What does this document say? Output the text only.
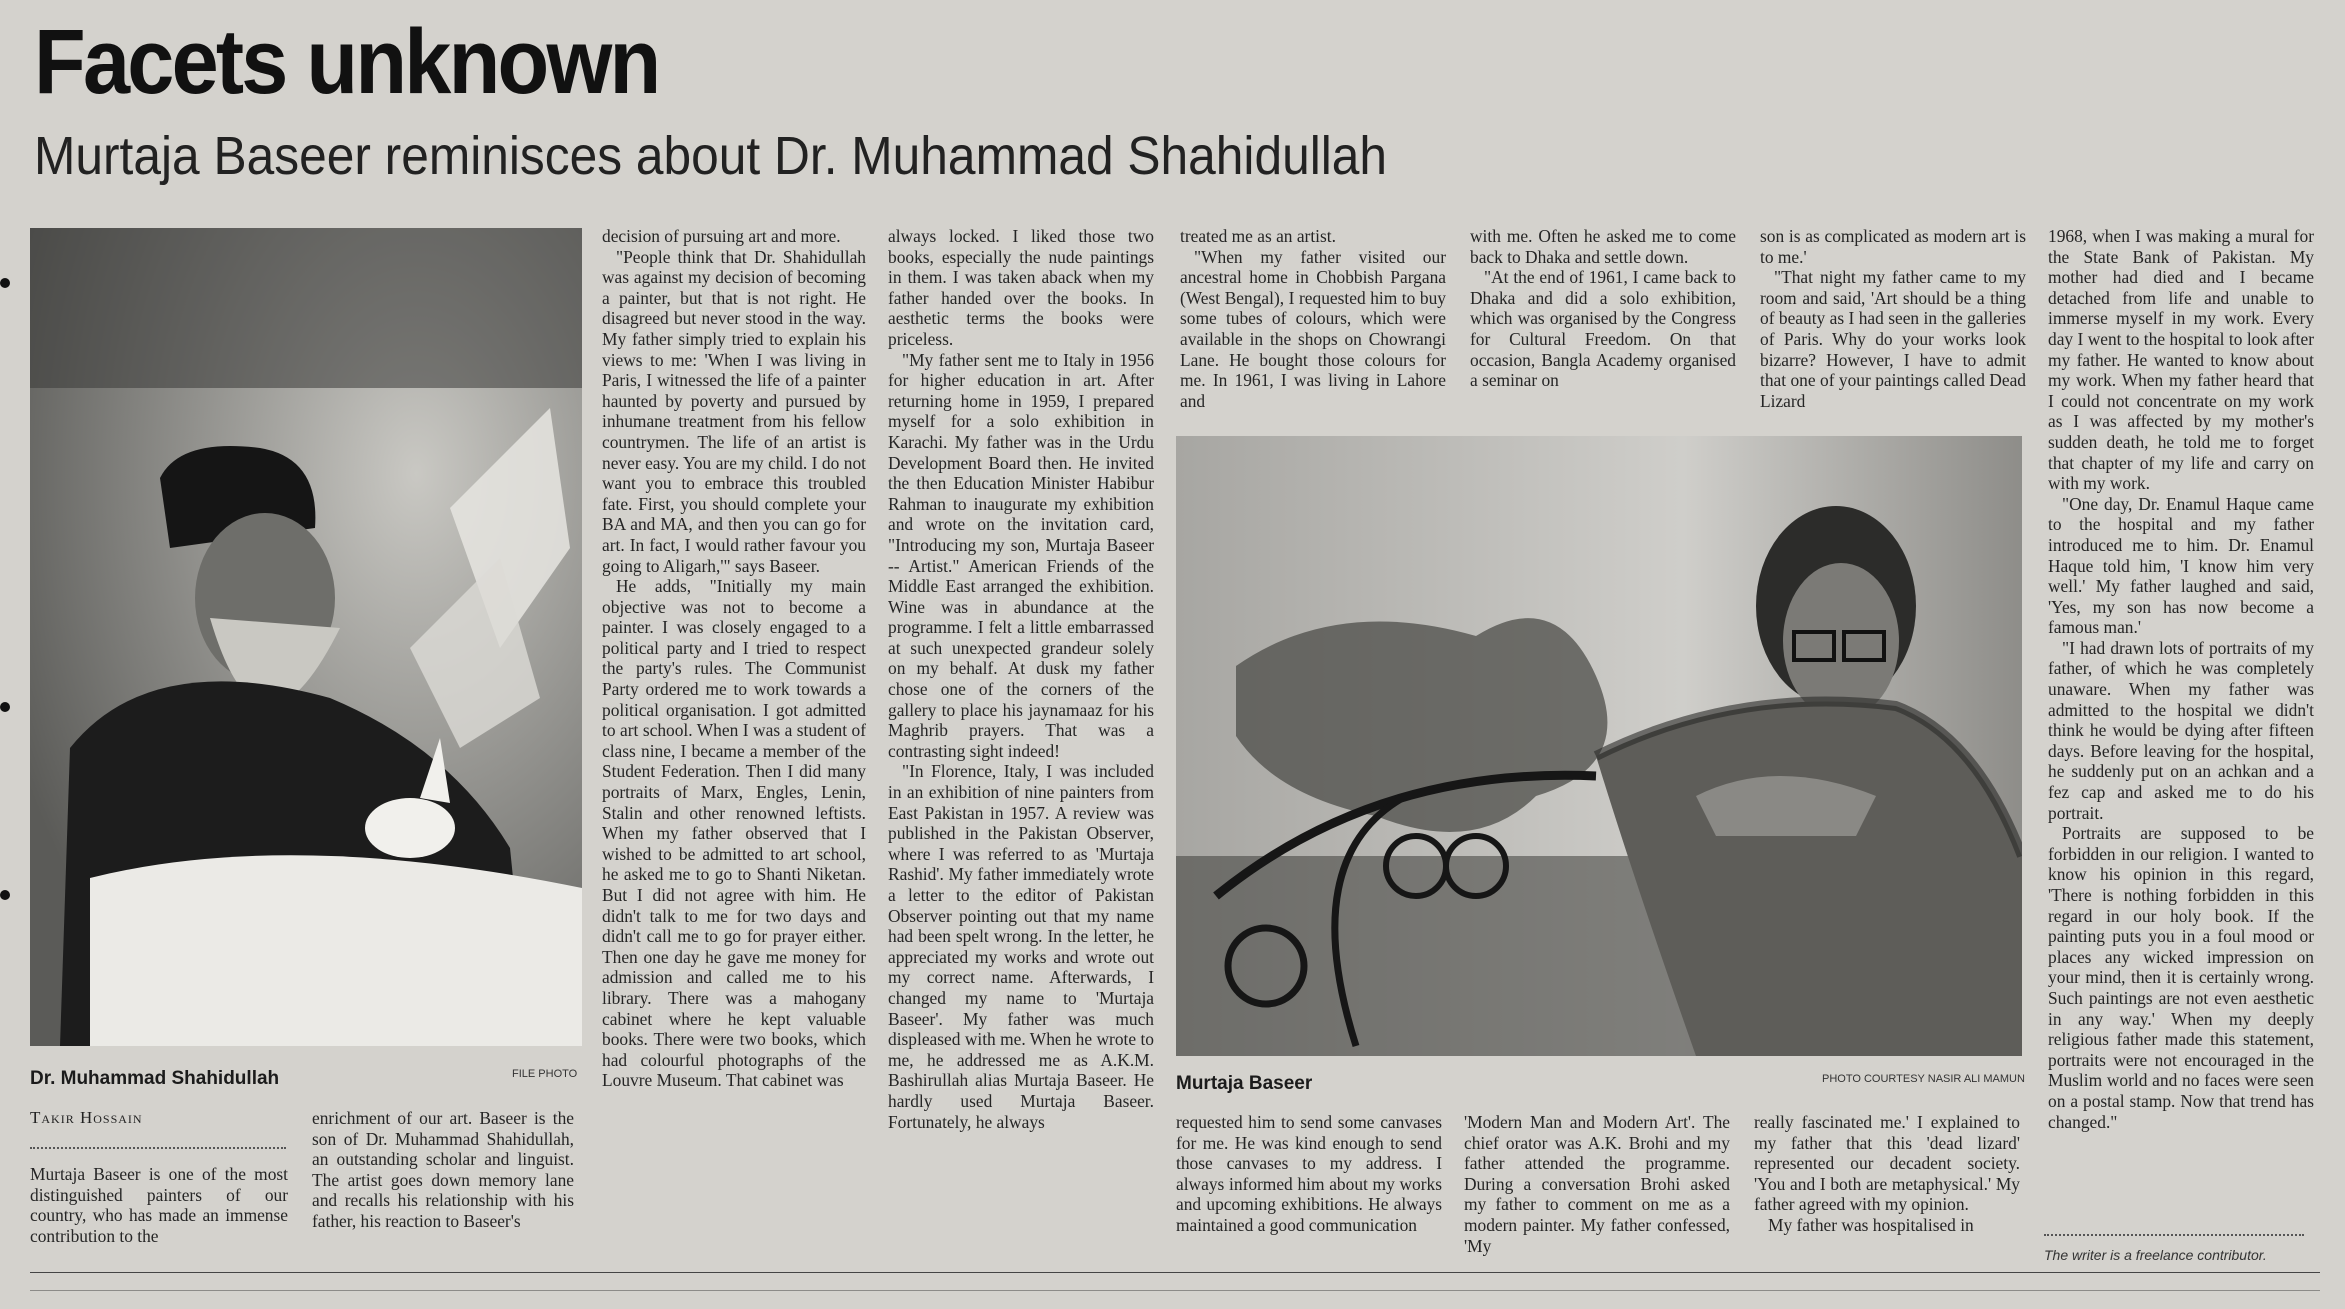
Facets unknown
Murtaja Baseer reminisces about Dr. Muhammad Shahidullah
Dr. Muhammad Shahidullah	FILE PHOTO	Murtaja Baseer	PHOTO COURTESY NASIR ALI MAMUN
Takir Hossain

Murtaja Baseer is one of the most distinguished painters of our country, who has made an immense contribution to the

enrichment of our art. Baseer is the son of Dr. Muhammad Shahidullah, an outstanding scholar and linguist. The artist goes down memory lane and recalls his relationship with his father, his reaction to Baseer's

decision of pursuing art and more.

"People think that Dr. Shahidullah was against my decision of becoming a painter, but that is not right. He disagreed but never stood in the way. My father simply tried to explain his views to me: 'When I was living in Paris, I witnessed the life of a painter haunted by poverty and pursued by inhumane treatment from his fellow countrymen. The life of an artist is never easy. You are my child. I do not want you to embrace this troubled fate. First, you should complete your BA and MA, and then you can go for art. In fact, I would rather favour you going to Aligarh,'" says Baseer.

He adds, "Initially my main objective was not to become a painter. I was closely engaged to a political party and I tried to respect the party's rules. The Communist Party ordered me to work towards a political organisation. I got admitted to art school. When I was a student of class nine, I became a member of the Student Federation. Then I did many portraits of Marx, Engles, Lenin, Stalin and other renowned leftists. When my father observed that I wished to be admitted to art school, he asked me to go to Shanti Niketan. But I did not agree with him. He didn't talk to me for two days and didn't call me to go for prayer either. Then one day he gave me money for admission and called me to his library. There was a mahogany cabinet where he kept valuable books. There were two books, which had colourful photographs of the Louvre Museum. That cabinet was

always locked. I liked those two books, especially the nude paintings in them. I was taken aback when my father handed over the books. In aesthetic terms the books were priceless.

"My father sent me to Italy in 1956 for higher education in art. After returning home in 1959, I prepared myself for a solo exhibition in Karachi. My father was in the Urdu Development Board then. He invited the then Education Minister Habibur Rahman to inaugurate my exhibition and wrote on the invitation card, "Introducing my son, Murtaja Baseer -- Artist." American Friends of the Middle East arranged the exhibition. Wine was in abundance at the programme. I felt a little embarrassed at such unexpected grandeur solely on my behalf. At dusk my father chose one of the corners of the gallery to place his jaynamaaz for his Maghrib prayers. That was a contrasting sight indeed!

"In Florence, Italy, I was included in an exhibition of nine painters from East Pakistan in 1957. A review was published in the Pakistan Observer, where I was referred to as 'Murtaja Rashid'. My father immediately wrote a letter to the editor of Pakistan Observer pointing out that my name had been spelt wrong. In the letter, he appreciated my works and wrote out my correct name. Afterwards, I changed my name to 'Murtaja Baseer'. My father was much displeased with me. When he wrote to me, he addressed me as A.K.M. Bashirullah alias Murtaja Baseer. He hardly used Murtaja Baseer. Fortunately, he always

treated me as an artist.

"When my father visited our ancestral home in Chobbish Pargana (West Bengal), I requested him to buy some tubes of colours, which were available in the shops on Chowrangi Lane. He bought those colours for me. In 1961, I was living in Lahore and

with me. Often he asked me to come back to Dhaka and settle down.

"At the end of 1961, I came back to Dhaka and did a solo exhibition, which was organised by the Congress for Cultural Freedom. On that occasion, Bangla Academy organised a seminar on

son is as complicated as modern art is to me.'

"That night my father came to my room and said, 'Art should be a thing of beauty as I had seen in the galleries of Paris. Why do your works look bizarre? However, I have to admit that one of your paintings called Dead Lizard

requested him to send some canvases for me. He was kind enough to send those canvases to my address. I always informed him about my works and upcoming exhibitions. He always maintained a good communication

'Modern Man and Modern Art'. The chief orator was A.K. Brohi and my father attended the programme. During a conversation Brohi asked my father to comment on me as a modern painter. My father confessed, 'My

really fascinated me.' I explained to my father that this 'dead lizard' represented our decadent society. 'You and I both are metaphysical.' My father agreed with my opinion.

My father was hospitalised in

1968, when I was making a mural for the State Bank of Pakistan. My mother had died and I became detached from life and unable to immerse myself in my work. Every day I went to the hospital to look after my father. He wanted to know about my work. When my father heard that I could not concentrate on my work as I was affected by my mother's sudden death, he told me to forget that chapter of my life and carry on with my work.

"One day, Dr. Enamul Haque came to the hospital and my father introduced me to him. Dr. Enamul Haque told him, 'I know him very well.' My father laughed and said, 'Yes, my son has now become a famous man.'

"I had drawn lots of portraits of my father, of which he was completely unaware. When my father was admitted to the hospital we didn't think he would be dying after fifteen days. Before leaving for the hospital, he suddenly put on an achkan and a fez cap and asked me to do his portrait.

Portraits are supposed to be forbidden in our religion. I wanted to know his opinion in this regard, 'There is nothing forbidden in this regard in our holy book. If the painting puts you in a foul mood or places any wicked impression on your mind, then it is certainly wrong. Such paintings are not even aesthetic in any way.' When my deeply religious father made this statement, portraits were not encouraged in the Muslim world and no faces were seen on a postal stamp. Now that trend has changed."

The writer is a freelance contributor.
